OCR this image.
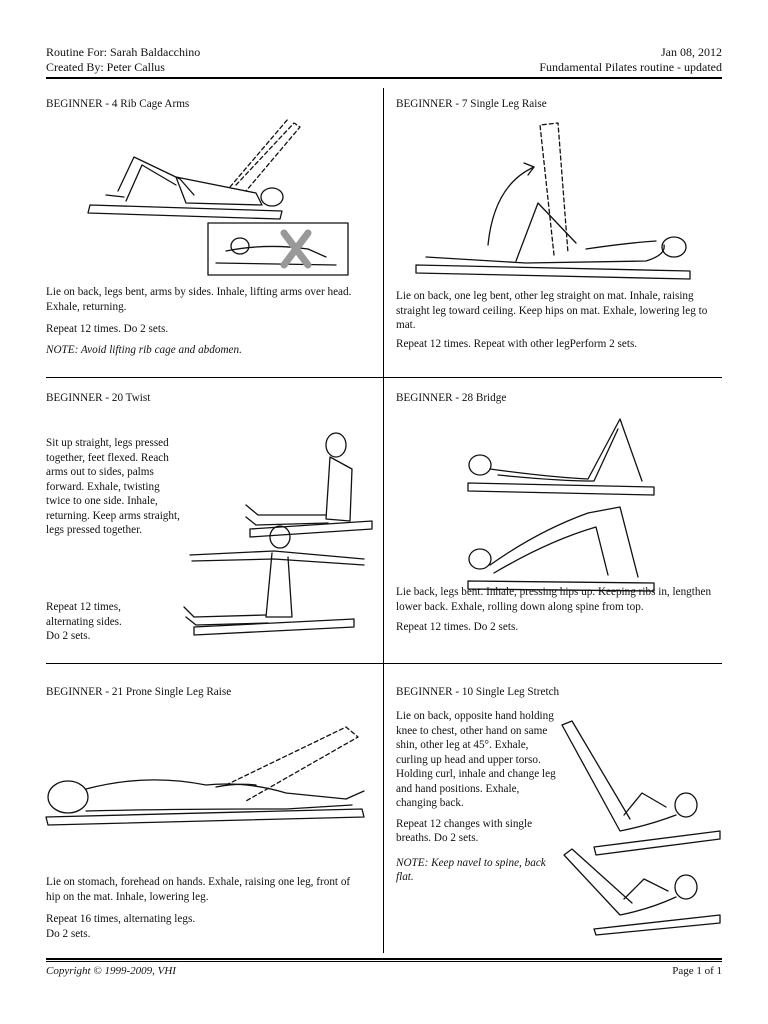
Routine For: Sarah Baldacchino
Created By: Peter Callus
Jan 08, 2012
Fundamental Pilates routine - updated
BEGINNER - 4 Rib Cage Arms

Lie on back, legs bent, arms by sides. Inhale, lifting arms over head. Exhale, returning.

Repeat 12 times. Do 2 sets.

NOTE: Avoid lifting rib cage and abdomen.

BEGINNER - 7 Single Leg Raise

Lie on back, one leg bent, other leg straight on mat. Inhale, raising straight leg toward ceiling. Keep hips on mat. Exhale, lowering leg to mat.

Repeat 12 times. Repeat with other legPerform 2 sets.

BEGINNER - 20 Twist

Sit up straight, legs pressed together, feet flexed. Reach arms out to sides, palms forward. Exhale, twisting twice to one side. Inhale, returning. Keep arms straight, legs pressed together.

Repeat 12 times,

alternating sides.

Do 2 sets.

BEGINNER - 28 Bridge

Lie back, legs bent. Inhale, pressing hips up. Keeping ribs in, lengthen lower back. Exhale, rolling down along spine from top.

Repeat 12 times. Do 2 sets.

BEGINNER - 21 Prone Single Leg Raise

Lie on stomach, forehead on hands. Exhale, raising one leg, front of hip on the mat. Inhale, lowering leg.

Repeat 16 times, alternating legs.

Do 2 sets.

BEGINNER - 10 Single Leg Stretch

Lie on back, opposite hand holding knee to chest, other hand on same shin, other leg at 45°. Exhale, curling up head and upper torso. Holding curl, inhale and change leg and hand positions. Exhale, changing back.

Repeat 12 changes with single breaths. Do 2 sets.

NOTE: Keep navel to spine, back flat.

Copyright © 1999-2009, VHI	Page 1 of 1
